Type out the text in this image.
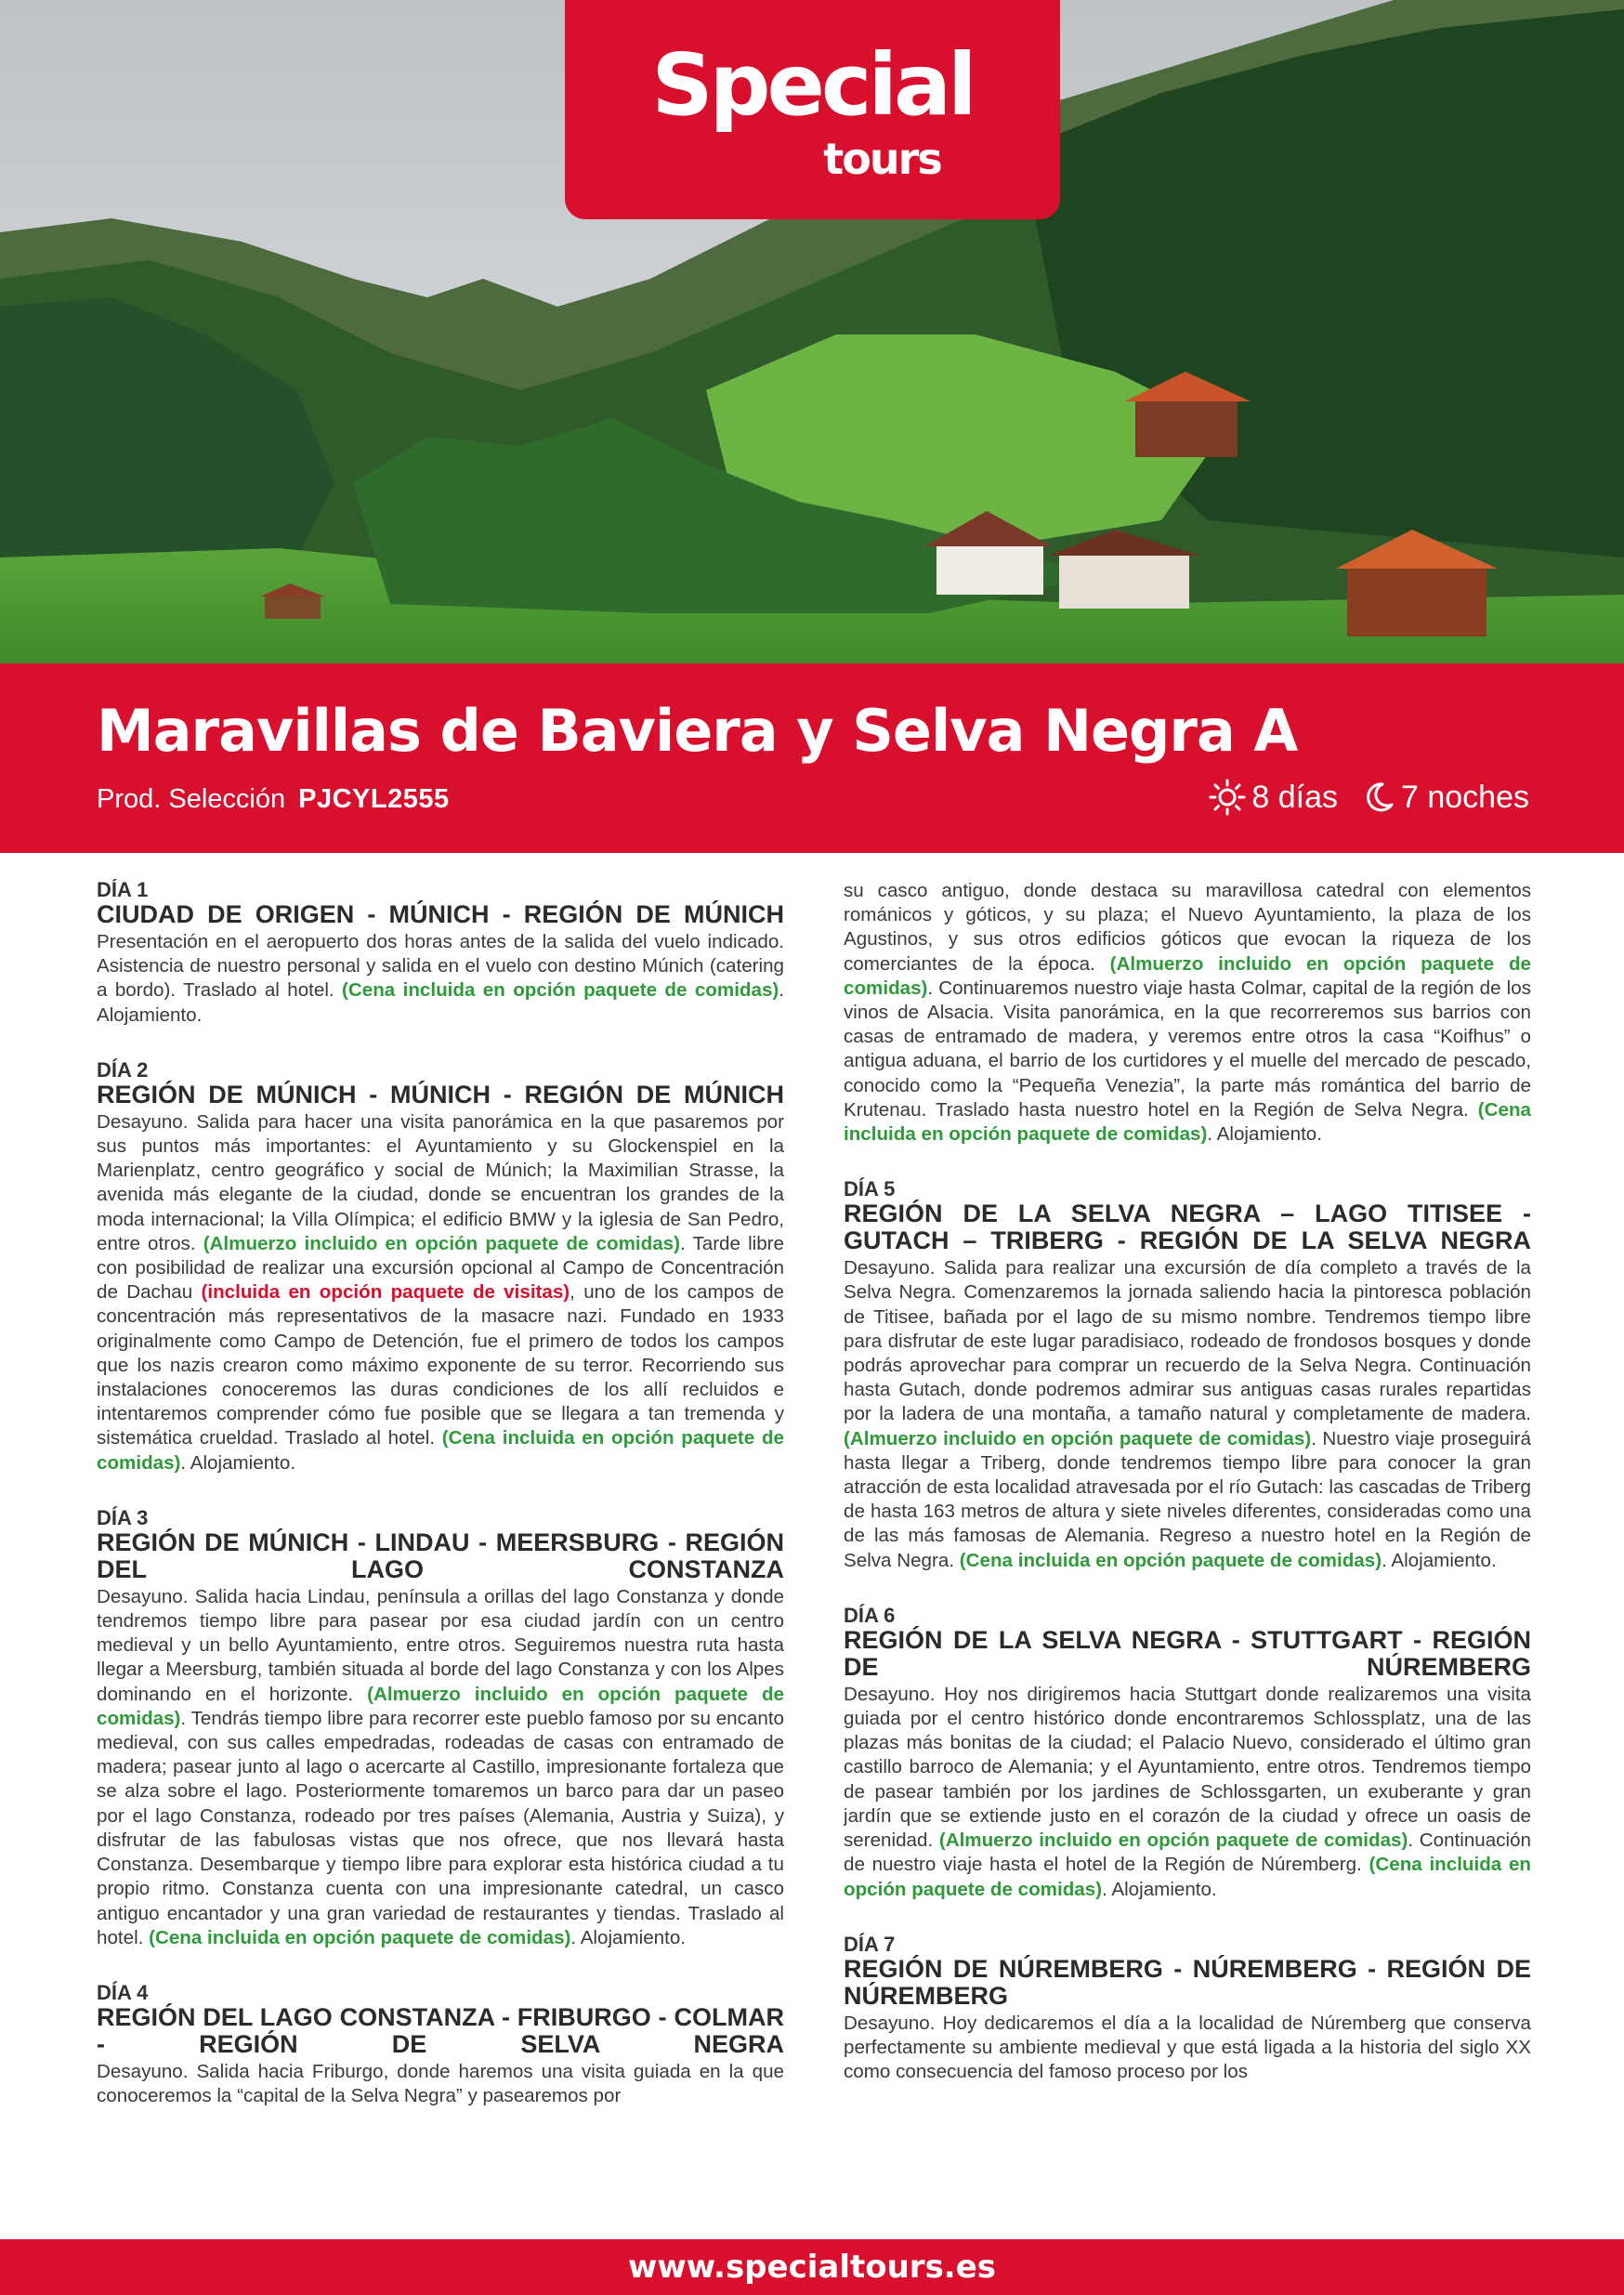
Special
tours
Maravillas de Baviera y Selva Negra A
Prod. Selección PJCYL2555	8 días 7 noches
DÍA 1
CIUDAD DE ORIGEN - MÚNICH - REGIÓN DE MÚNICH

Presentación en el aeropuerto dos horas antes de la salida del vuelo indicado. Asistencia de nuestro personal y salida en el vuelo con destino Múnich (catering a bordo). Traslado al hotel. (Cena incluida en opción paquete de comidas). Alojamiento.

DÍA 2
REGIÓN DE MÚNICH - MÚNICH - REGIÓN DE MÚNICH

Desayuno. Salida para hacer una visita panorámica en la que pasaremos por sus puntos más importantes: el Ayuntamiento y su Glockenspiel en la Marienplatz, centro geográfico y social de Múnich; la Maximilian Strasse, la avenida más elegante de la ciudad, donde se encuentran los grandes de la moda internacional; la Villa Olímpica; el edificio BMW y la iglesia de San Pedro, entre otros. (Almuerzo incluido en opción paquete de comidas). Tarde libre con posibilidad de realizar una excursión opcional al Campo de Concentración de Dachau (incluida en opción paquete de visitas), uno de los campos de concentración más representativos de la masacre nazi. Fundado en 1933 originalmente como Campo de Detención, fue el primero de todos los campos que los nazis crearon como máximo exponente de su terror. Recorriendo sus instalaciones conoceremos las duras condiciones de los allí recluidos e intentaremos comprender cómo fue posible que se llegara a tan tremenda y sistemática crueldad. Traslado al hotel. (Cena incluida en opción paquete de comidas). Alojamiento.

DÍA 3
REGIÓN DE MÚNICH - LINDAU - MEERSBURG - REGIÓN DEL LAGO CONSTANZA

Desayuno. Salida hacia Lindau, península a orillas del lago Constanza y donde tendremos tiempo libre para pasear por esa ciudad jardín con un centro medieval y un bello Ayuntamiento, entre otros. Seguiremos nuestra ruta hasta llegar a Meersburg, también situada al borde del lago Constanza y con los Alpes dominando en el horizonte. (Almuerzo incluido en opción paquete de comidas). Tendrás tiempo libre para recorrer este pueblo famoso por su encanto medieval, con sus calles empedradas, rodeadas de casas con entramado de madera; pasear junto al lago o acercarte al Castillo, impresionante fortaleza que se alza sobre el lago. Posteriormente tomaremos un barco para dar un paseo por el lago Constanza, rodeado por tres países (Alemania, Austria y Suiza), y disfrutar de las fabulosas vistas que nos ofrece, que nos llevará hasta Constanza. Desembarque y tiempo libre para explorar esta histórica ciudad a tu propio ritmo. Constanza cuenta con una impresionante catedral, un casco antiguo encantador y una gran variedad de restaurantes y tiendas. Traslado al hotel. (Cena incluida en opción paquete de comidas). Alojamiento.

DÍA 4
REGIÓN DEL LAGO CONSTANZA - FRIBURGO - COLMAR - REGIÓN DE SELVA NEGRA

Desayuno. Salida hacia Friburgo, donde haremos una visita guiada en la que conoceremos la “capital de la Selva Negra” y pasearemos por

su casco antiguo, donde destaca su maravillosa catedral con elementos románicos y góticos, y su plaza; el Nuevo Ayuntamiento, la plaza de los Agustinos, y sus otros edificios góticos que evocan la riqueza de los comerciantes de la época. (Almuerzo incluido en opción paquete de comidas). Continuaremos nuestro viaje hasta Colmar, capital de la región de los vinos de Alsacia. Visita panorámica, en la que recorreremos sus barrios con casas de entramado de madera, y veremos entre otros la casa “Koifhus” o antigua aduana, el barrio de los curtidores y el muelle del mercado de pescado, conocido como la “Pequeña Venezia”, la parte más romántica del barrio de Krutenau. Traslado hasta nuestro hotel en la Región de Selva Negra. (Cena incluida en opción paquete de comidas). Alojamiento.

DÍA 5
REGIÓN DE LA SELVA NEGRA – LAGO TITISEE - GUTACH – TRIBERG - REGIÓN DE LA SELVA NEGRA

Desayuno. Salida para realizar una excursión de día completo a través de la Selva Negra. Comenzaremos la jornada saliendo hacia la pintoresca población de Titisee, bañada por el lago de su mismo nombre. Tendremos tiempo libre para disfrutar de este lugar paradisiaco, rodeado de frondosos bosques y donde podrás aprovechar para comprar un recuerdo de la Selva Negra. Continuación hasta Gutach, donde podremos admirar sus antiguas casas rurales repartidas por la ladera de una montaña, a tamaño natural y completamente de madera. (Almuerzo incluido en opción paquete de comidas). Nuestro viaje proseguirá hasta llegar a Triberg, donde tendremos tiempo libre para conocer la gran atracción de esta localidad atravesada por el río Gutach: las cascadas de Triberg de hasta 163 metros de altura y siete niveles diferentes, consideradas como una de las más famosas de Alemania. Regreso a nuestro hotel en la Región de Selva Negra. (Cena incluida en opción paquete de comidas). Alojamiento.

DÍA 6
REGIÓN DE LA SELVA NEGRA - STUTTGART - REGIÓN DE NÚREMBERG

Desayuno. Hoy nos dirigiremos hacia Stuttgart donde realizaremos una visita guiada por el centro histórico donde encontraremos Schlossplatz, una de las plazas más bonitas de la ciudad; el Palacio Nuevo, considerado el último gran castillo barroco de Alemania; y el Ayuntamiento, entre otros. Tendremos tiempo de pasear también por los jardines de Schlossgarten, un exuberante y gran jardín que se extiende justo en el corazón de la ciudad y ofrece un oasis de serenidad. (Almuerzo incluido en opción paquete de comidas). Continuación de nuestro viaje hasta el hotel de la Región de Núremberg. (Cena incluida en opción paquete de comidas). Alojamiento.

DÍA 7
REGIÓN DE NÚREMBERG - NÚREMBERG - REGIÓN DE NÚREMBERG

Desayuno. Hoy dedicaremos el día a la localidad de Núremberg que conserva perfectamente su ambiente medieval y que está ligada a la historia del siglo XX como consecuencia del famoso proceso por los

www.specialtours.es
